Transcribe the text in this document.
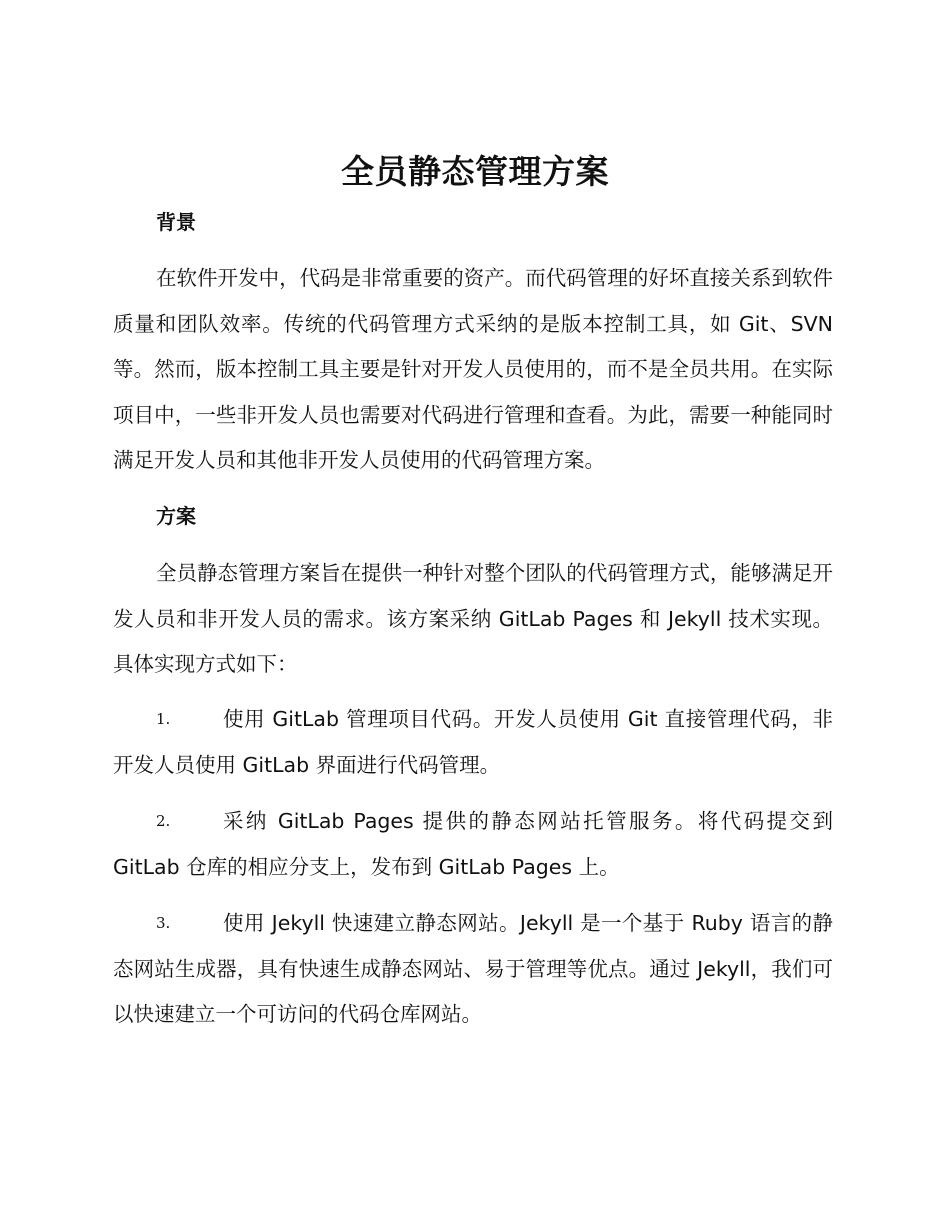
全员静态管理方案
背景

在软件开发中，代码是非常重要的资产。而代码管理的好坏直接关系到软件质量和团队效率。传统的代码管理方式采纳的是版本控制工具，如 Git、SVN 等。然而，版本控制工具主要是针对开发人员使用的，而不是全员共用。在实际项目中，一些非开发人员也需要对代码进行管理和查看。为此，需要一种能同时满足开发人员和其他非开发人员使用的代码管理方案。

方案

全员静态管理方案旨在提供一种针对整个团队的代码管理方式，能够满足开发人员和非开发人员的需求。该方案采纳 GitLab Pages 和 Jekyll 技术实现。具体实现方式如下：

1.	使用 GitLab 管理项目代码。开发人员使用 Git 直接管理代码，非开发人员使用 GitLab 界面进行代码管理。
2.	采纳 GitLab Pages 提供的静态网站托管服务。将代码提交到 GitLab 仓库的相应分支上，发布到 GitLab Pages 上。
3.	使用 Jekyll 快速建立静态网站。Jekyll 是一个基于 Ruby 语言的静态网站生成器，具有快速生成静态网站、易于管理等优点。通过 Jekyll，我们可以快速建立一个可访问的代码仓库网站。
